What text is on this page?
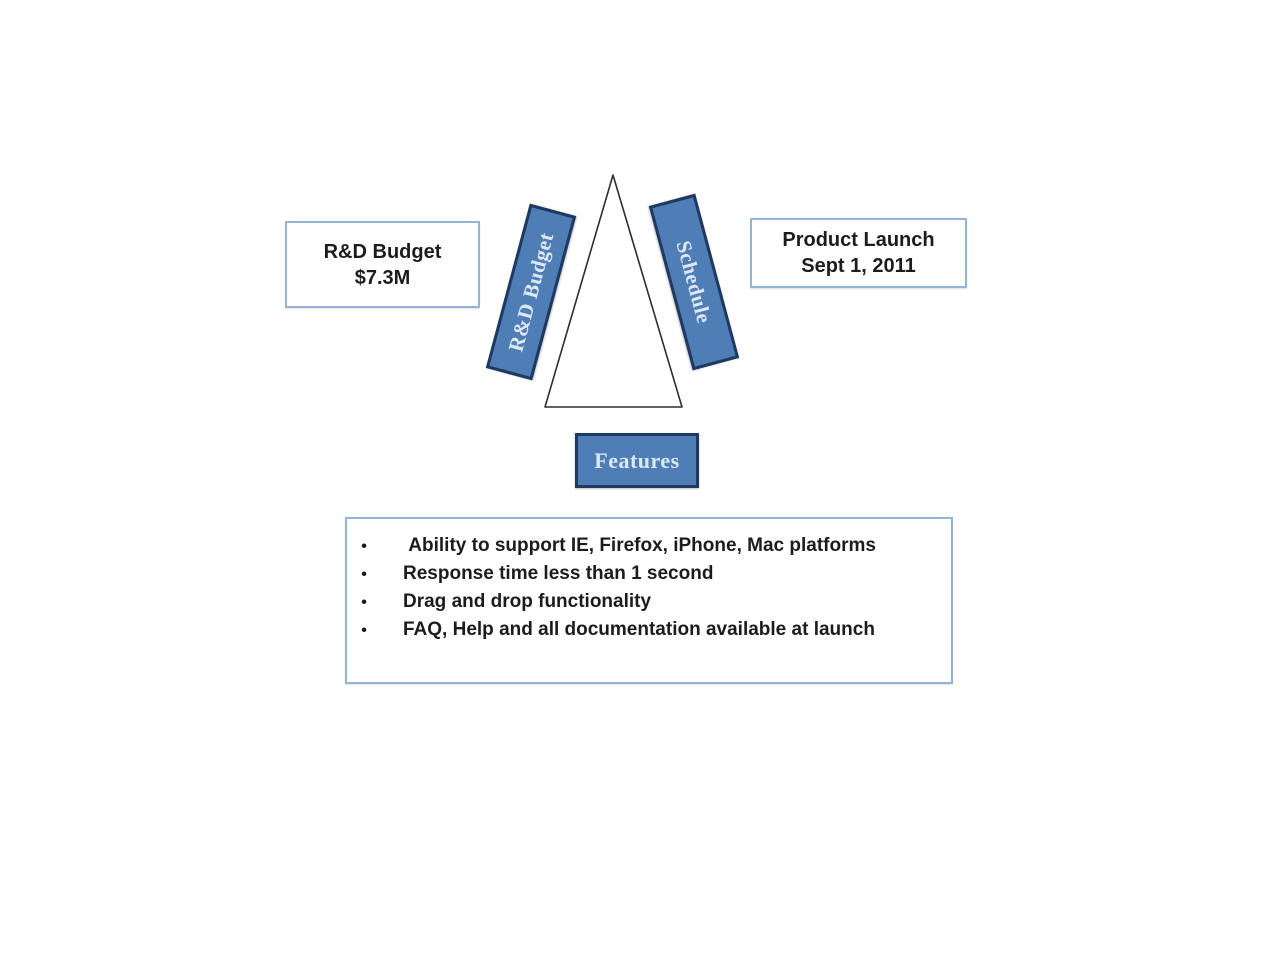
R&D Budget
$7.3M
Product Launch
Sept 1, 2011
R&D Budget	Schedule
Features
• Ability to support IE, Firefox, iPhone, Mac platforms
• Response time less than 1 second
• Drag and drop functionality
• FAQ, Help and all documentation available at launch
